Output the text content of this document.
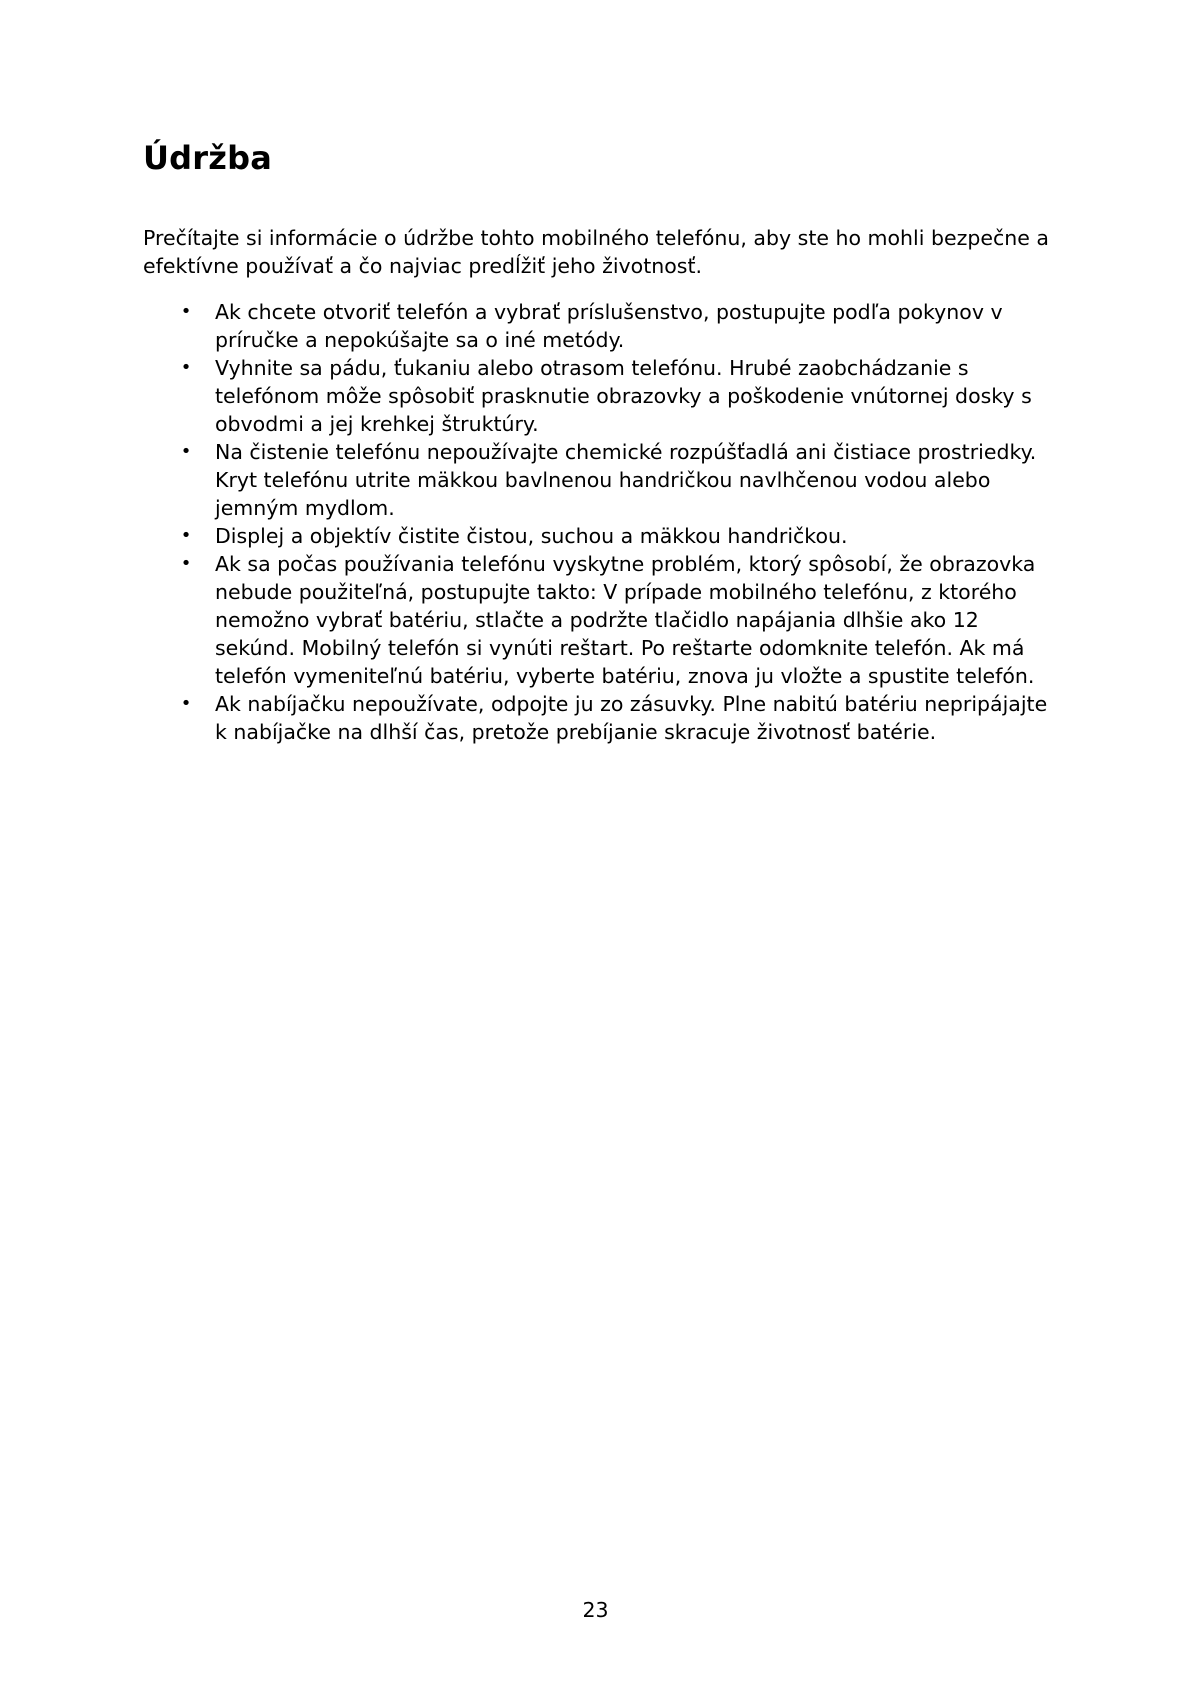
Údržba

Prečítajte si informácie o údržbe tohto mobilného telefónu, aby ste ho mohli bezpečne a efektívne používať a čo najviac predĺžiť jeho životnosť.

• Ak chcete otvoriť telefón a vybrať príslušenstvo, postupujte podľa pokynov v príručke a nepokúšajte sa o iné metódy.
• Vyhnite sa pádu, ťukaniu alebo otrasom telefónu. Hrubé zaobchádzanie s telefónom môže spôsobiť prasknutie obrazovky a poškodenie vnútornej dosky s obvodmi a jej krehkej štruktúry.
• Na čistenie telefónu nepoužívajte chemické rozpúšťadlá ani čistiace prostriedky. Kryt telefónu utrite mäkkou bavlnenou handričkou navlhčenou vodou alebo jemným mydlom.
• Displej a objektív čistite čistou, suchou a mäkkou handričkou.
• Ak sa počas používania telefónu vyskytne problém, ktorý spôsobí, že obrazovka nebude použiteľná, postupujte takto: V prípade mobilného telefónu, z ktorého nemožno vybrať batériu, stlačte a podržte tlačidlo napájania dlhšie ako 12 sekúnd. Mobilný telefón si vynúti reštart. Po reštarte odomknite telefón. Ak má telefón vymeniteľnú batériu, vyberte batériu, znova ju vložte a spustite telefón.
• Ak nabíjačku nepoužívate, odpojte ju zo zásuvky. Plne nabitú batériu nepripájajte k nabíjačke na dlhší čas, pretože prebíjanie skracuje životnosť batérie.
23
